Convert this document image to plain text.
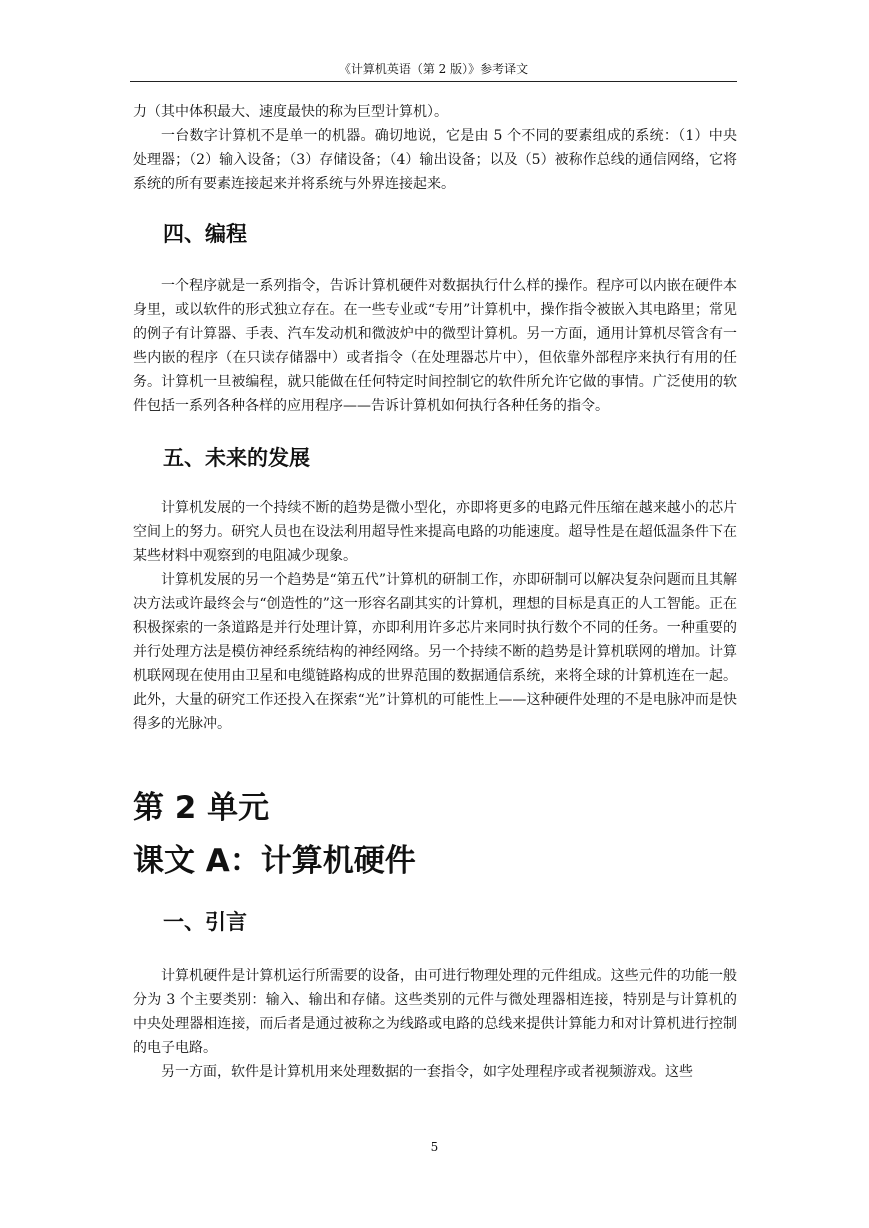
《计算机英语（第 2 版）》参考译文

力（其中体积最大、速度最快的称为巨型计算机）。

一台数字计算机不是单一的机器。确切地说，它是由 5 个不同的要素组成的系统：（1）中央处理器；（2）输入设备；（3）存储设备；（4）输出设备；以及（5）被称作总线的通信网络，它将系统的所有要素连接起来并将系统与外界连接起来。

四、编程

一个程序就是一系列指令，告诉计算机硬件对数据执行什么样的操作。程序可以内嵌在硬件本身里，或以软件的形式独立存在。在一些专业或“专用”计算机中，操作指令被嵌入其电路里；常见的例子有计算器、手表、汽车发动机和微波炉中的微型计算机。另一方面，通用计算机尽管含有一些内嵌的程序（在只读存储器中）或者指令（在处理器芯片中），但依靠外部程序来执行有用的任务。计算机一旦被编程，就只能做在任何特定时间控制它的软件所允许它做的事情。广泛使用的软件包括一系列各种各样的应用程序——告诉计算机如何执行各种任务的指令。

五、未来的发展

计算机发展的一个持续不断的趋势是微小型化，亦即将更多的电路元件压缩在越来越小的芯片空间上的努力。研究人员也在设法利用超导性来提高电路的功能速度。超导性是在超低温条件下在某些材料中观察到的电阻减少现象。

计算机发展的另一个趋势是“第五代”计算机的研制工作，亦即研制可以解决复杂问题而且其解决方法或许最终会与“创造性的”这一形容名副其实的计算机，理想的目标是真正的人工智能。正在积极探索的一条道路是并行处理计算，亦即利用许多芯片来同时执行数个不同的任务。一种重要的并行处理方法是模仿神经系统结构的神经网络。另一个持续不断的趋势是计算机联网的增加。计算机联网现在使用由卫星和电缆链路构成的世界范围的数据通信系统，来将全球的计算机连在一起。此外，大量的研究工作还投入在探索“光”计算机的可能性上——这种硬件处理的不是电脉冲而是快得多的光脉冲。

第 2 单元
课文 A：计算机硬件
一、引言

计算机硬件是计算机运行所需要的设备，由可进行物理处理的元件组成。这些元件的功能一般分为 3 个主要类别：输入、输出和存储。这些类别的元件与微处理器相连接，特别是与计算机的中央处理器相连接，而后者是通过被称之为线路或电路的总线来提供计算能力和对计算机进行控制的电子电路。

另一方面，软件是计算机用来处理数据的一套指令，如字处理程序或者视频游戏。这些

5
